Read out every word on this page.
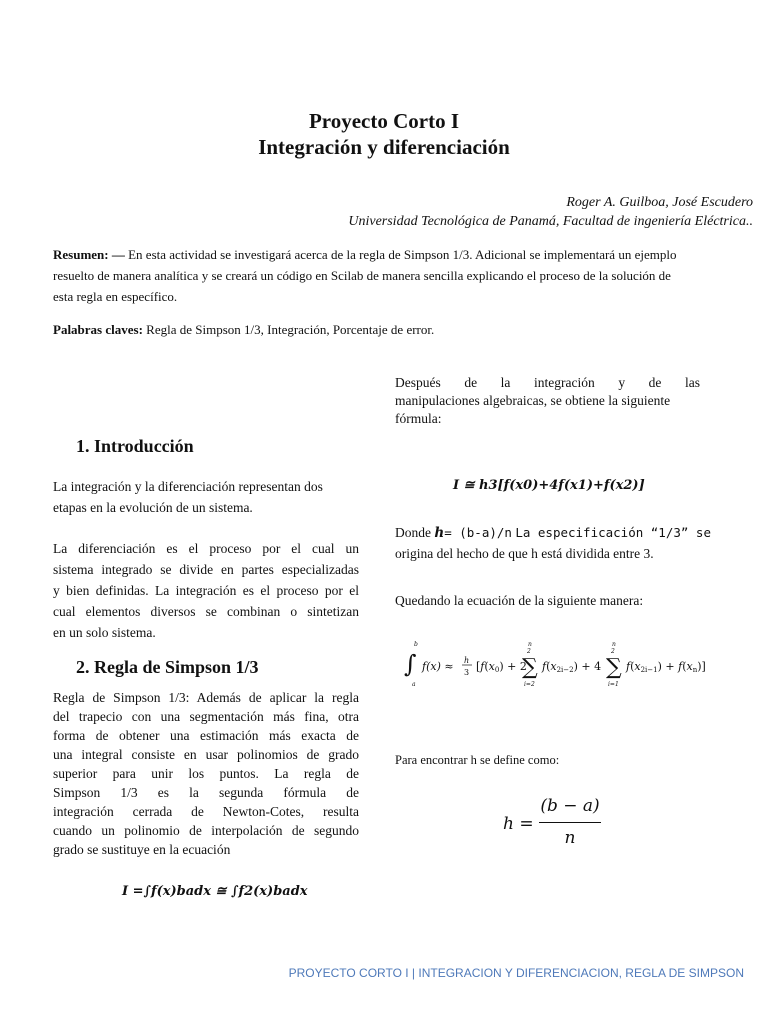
Proyecto Corto I
Integración y diferenciación
Roger A. Guilboa, José Escudero
Universidad Tecnológica de Panamá, Facultad de ingeniería Eléctrica..
Resumen: — En esta actividad se investigará acerca de la regla de Simpson 1/3. Adicional se implementará un ejemplo
resuelto de manera analítica y se creará un código en Scilab de manera sencilla explicando el proceso de la solución de
esta regla en específico.
Palabras claves: Regla de Simpson 1/3, Integración, Porcentaje de error.
1. Introducción
La integración y la diferenciación representan dos
etapas en la evolución de un sistema.
La diferenciación es el proceso por el cual un
sistema integrado se divide en partes especializadas
y bien definidas. La integración es el proceso por el
cual elementos diversos se combinan o sintetizan
en un solo sistema.
2. Regla de Simpson 1/3
Regla de Simpson 1/3: Además de aplicar la regla
del trapecio con una segmentación más fina, otra
forma de obtener una estimación más exacta de
una integral consiste en usar polinomios de grado
superior para unir los puntos. La regla de
Simpson 1/3 es la segunda fórmula de
integración cerrada de Newton-Cotes, resulta
cuando un polinomio de interpolación de segundo
grado se sustituye en la ecuación
I =∫f(x)badx ≅ ∫f2(x)badx
Después de la integración y de las
manipulaciones algebraicas, se obtiene la siguiente
fórmula:
I ≅ h3[f(x0)+4f(x1)+f(x2)]
Donde h= (b-a)/n La especificación “1/3” se
origina del hecho de que h está dividida entre 3.
Quedando la ecuación de la siguiente manera:
∫
b
a
f(x) ≈ h
3 [f(x0) + 2
n
2
∑
i=2
f(x2i−2) + 4
n
2
∑
i=1
f(x2i−1) + f(xn)]
Para encontrar h se define como:
h =
(b − a)
n
PROYECTO CORTO I | INTEGRACION Y DIFERENCIACION, REGLA DE SIMPSON
